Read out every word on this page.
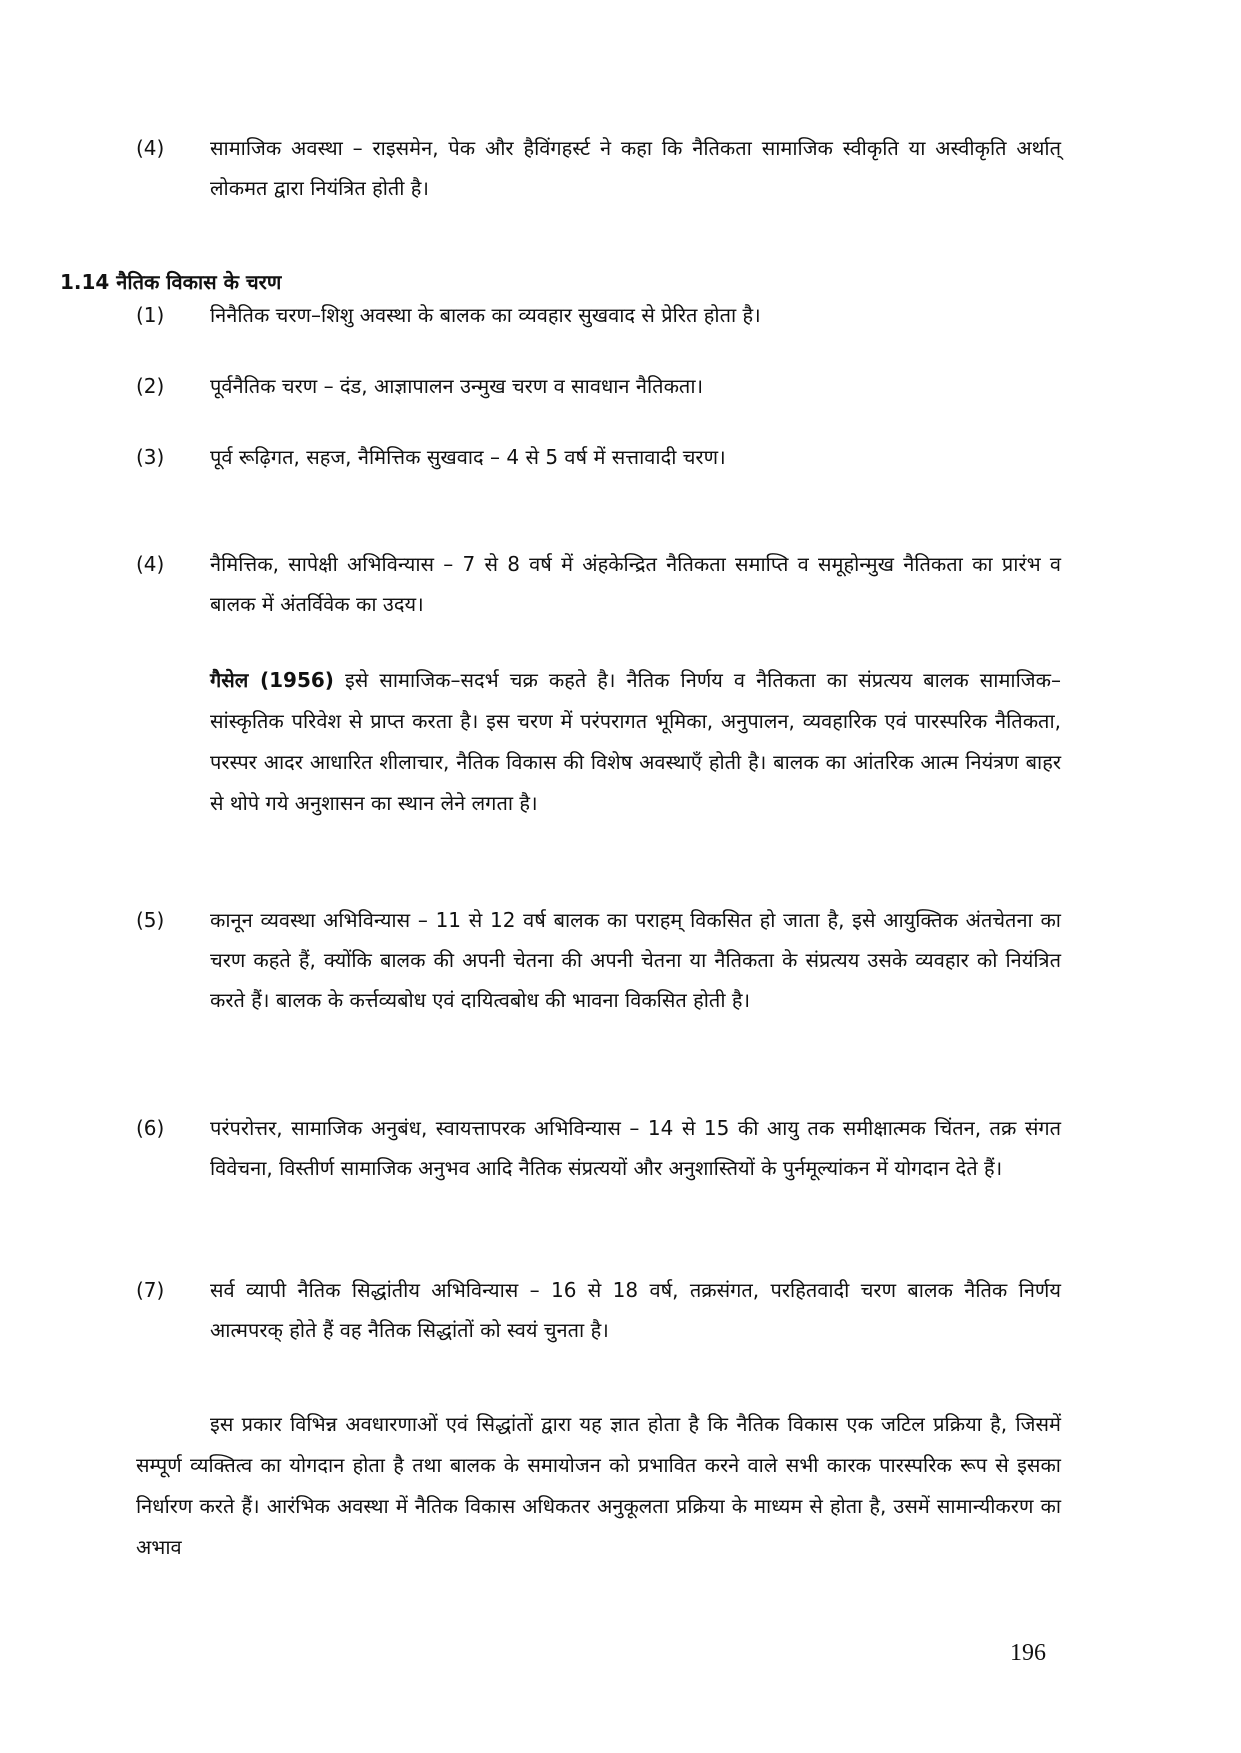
(4)	सामाजिक अवस्था – राइसमेन, पेक और हैविंगहर्स्ट ने कहा कि नैतिकता सामाजिक स्वीकृति या अस्वीकृति अर्थात् लोकमत द्वारा नियंत्रित होती है।
1.14 नैतिक विकास के चरण
(1)	निनैतिक चरण–शिशु अवस्था के बालक का व्यवहार सुखवाद से प्रेरित होता है।
(2)	पूर्वनैतिक चरण – दंड, आज्ञापालन उन्मुख चरण व सावधान नैतिकता।
(3)	पूर्व रूढ़िगत, सहज, नैमित्तिक सुखवाद – 4 से 5 वर्ष में सत्तावादी चरण।
(4)	नैमित्तिक, सापेक्षी अभिविन्यास – 7 से 8 वर्ष में अंहकेन्द्रित नैतिकता समाप्ति व समूहोन्मुख नैतिकता का प्रारंभ व बालक में अंतर्विवेक का उदय।
गैसेल (1956) इसे सामाजिक–सदर्भ चक्र कहते है। नैतिक निर्णय व नैतिकता का संप्रत्यय बालक सामाजिक–सांस्कृतिक परिवेश से प्राप्त करता है। इस चरण में परंपरागत भूमिका, अनुपालन, व्यवहारिक एवं पारस्परिक नैतिकता, परस्पर आदर आधारित शीलाचार, नैतिक विकास की विशेष अवस्थाएँ होती है। बालक का आंतरिक आत्म नियंत्रण बाहर से थोपे गये अनुशासन का स्थान लेने लगता है।
(5)	कानून व्यवस्था अभिविन्यास – 11 से 12 वर्ष बालक का पराहम् विकसित हो जाता है, इसे आयुक्तिक अंतचेतना का चरण कहते हैं, क्योंकि बालक की अपनी चेतना की अपनी चेतना या नैतिकता के संप्रत्यय उसके व्यवहार को नियंत्रित करते हैं। बालक के कर्त्तव्यबोध एवं दायित्वबोध की भावना विकसित होती है।
(6)	परंपरोत्तर, सामाजिक अनुबंध, स्वायत्तापरक अभिविन्यास – 14 से 15 की आयु तक समीक्षात्मक चिंतन, तक्र संगत विवेचना, विस्तीर्ण सामाजिक अनुभव आदि नैतिक संप्रत्ययों और अनुशास्तियों के पुर्नमूल्यांकन में योगदान देते हैं।
(7)	सर्व व्यापी नैतिक सिद्धांतीय अभिविन्यास – 16 से 18 वर्ष, तक्रसंगत, परहितवादी चरण बालक नैतिक निर्णय आत्मपरक् होते हैं वह नैतिक सिद्धांतों को स्वयं चुनता है।
इस प्रकार विभिन्न अवधारणाओं एवं सिद्धांतों द्वारा यह ज्ञात होता है कि नैतिक विकास एक जटिल प्रक्रिया है, जिसमें सम्पूर्ण व्यक्तित्व का योगदान होता है तथा बालक के समायोजन को प्रभावित करने वाले सभी कारक पारस्परिक रूप से इसका निर्धारण करते हैं। आरंभिक अवस्था में नैतिक विकास अधिकतर अनुकूलता प्रक्रिया के माध्यम से होता है, उसमें सामान्यीकरण का अभाव
196
